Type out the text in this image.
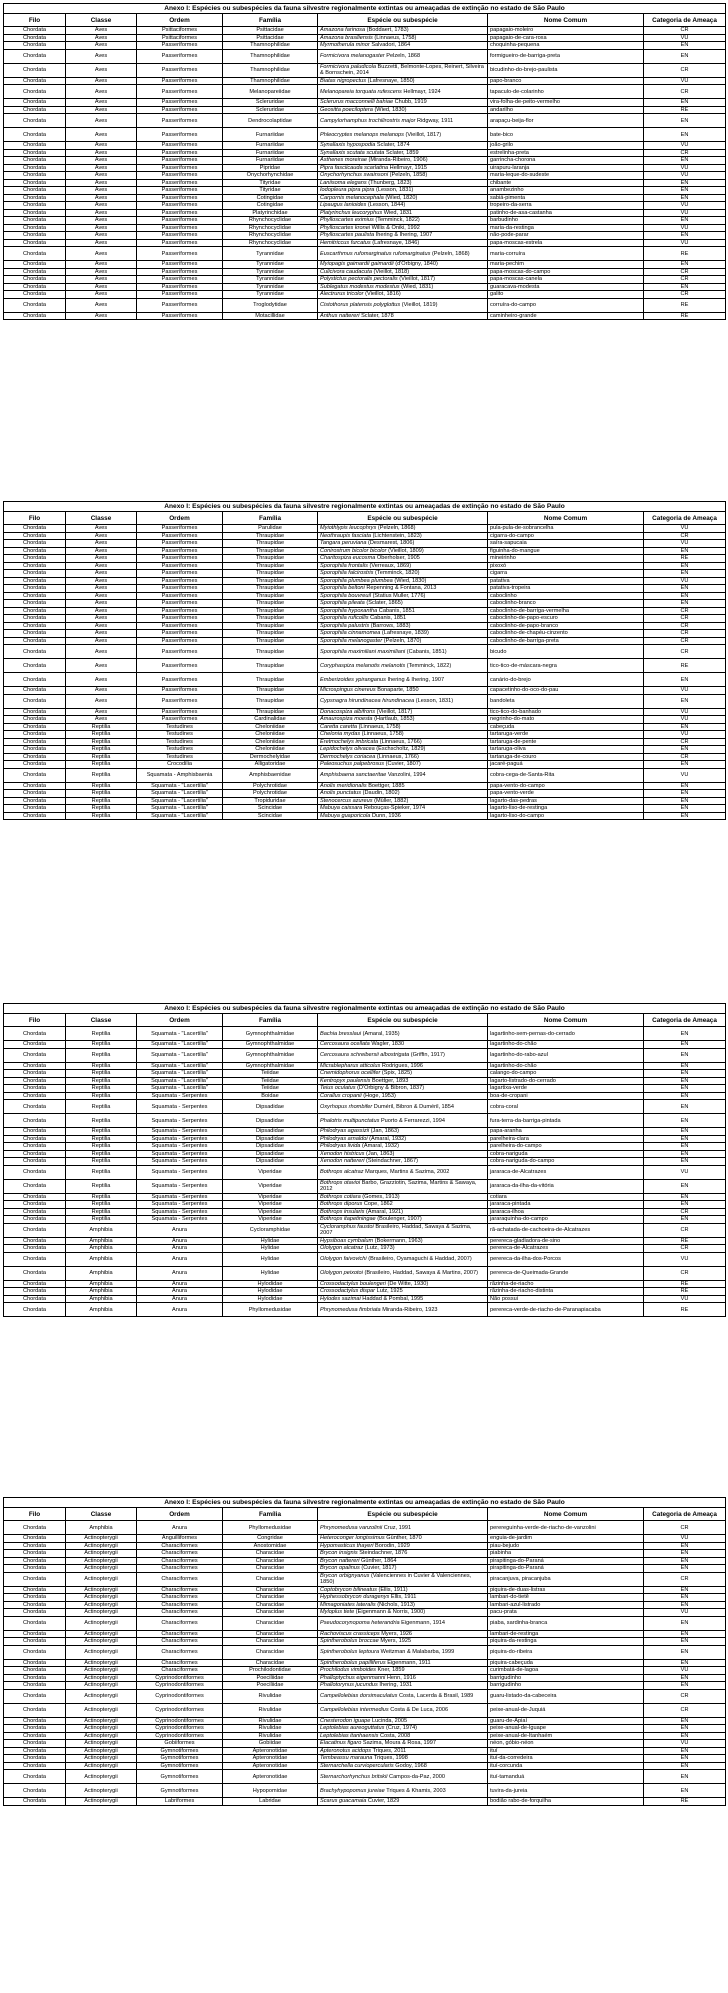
Anexo I: Espécies ou subespécies da fauna silvestre regionalmente extintas ou ameaçadas de extinção no estado de São Paulo						
Filo	Classe	Ordem	Família	Espécie ou subespécie	Nome Comum	Categoria de Ameaça
Chordata	Aves	Psittaciformes	Psittacidae	Amazona farinosa (Boddaert, 1783)	papagaio-moleiro	CR
Chordata	Aves	Psittaciformes	Psittacidae	Amazona brasiliensis (Linnaeus, 1758)	papagaio-de-cara-roxa	VU
Chordata	Aves	Passeriformes	Thamnophilidae	Myrmotherula minor Salvadori, 1864	choquinha-pequena	EN
Chordata	Aves	Passeriformes	Thamnophilidae	Formicivora melanogaster Pelzeln, 1868	formigueiro-de-barriga-preta	EN
Chordata	Aves	Passeriformes	Thamnophilidae	Formicivora paludicola Buzzetti, Belmonte-Lopes, Reinert, Silveira & Bornschein, 2014	bicudinho-do-brejo-paulista	CR
Chordata	Aves	Passeriformes	Thamnophilidae	Biatas nigropectus (Lafresnaye, 1850)	papo-branco	VU
Chordata	Aves	Passeriformes	Melanopareiidae	Melanopareia torquata rufescens Hellmayr, 1924	tapaculo-de-colarinho	CR
Chordata	Aves	Passeriformes	Scleruridae	Sclerurus macconnelli bahiae Chubb, 1919	vira-folha-de-peito-vermelho	EN
Chordata	Aves	Passeriformes	Scleruridae	Geositta poeciloptera (Wied, 1830)	andarilho	RE
Chordata	Aves	Passeriformes	Dendrocolaptidae	Campylorhamphus trochilirostris major Ridgway, 1911	arapaçu-beija-flor	EN
Chordata	Aves	Passeriformes	Furnariidae	Phleocryptes melanops melanops (Vieillot, 1817)	bate-bico	EN
Chordata	Aves	Passeriformes	Furnariidae	Synallaxis hypospodia Sclater, 1874	joão-grilo	VU
Chordata	Aves	Passeriformes	Furnariidae	Synallaxis scutata scutata Sclater, 1859	estrelinha-preta	CR
Chordata	Aves	Passeriformes	Furnariidae	Asthenes moreirae (Miranda-Ribeiro, 1906)	garrincha-chorona	EN
Chordata	Aves	Passeriformes	Pipridae	Pipra fasciicauda scarlatina Hellmayr, 1915	uirapuru-laranja	VU
Chordata	Aves	Passeriformes	Onychorhynchidae	Onychorhynchus swainsoni (Pelzeln, 1858)	maria-leque-do-sudeste	VU
Chordata	Aves	Passeriformes	Tityridae	Laniisoma elegans (Thunberg, 1823)	chibante	EN
Chordata	Aves	Passeriformes	Tityridae	Iodopleura pipra pipra (Lesson, 1831)	anambezinho	EN
Chordata	Aves	Passeriformes	Cotingidae	Carpornis melanocephala (Wied, 1820)	sabiá-pimenta	EN
Chordata	Aves	Passeriformes	Cotingidae	Lipaugus lanioides (Lesson, 1844)	tropeiro-da-serra	VU
Chordata	Aves	Passeriformes	Platyrinchidae	Platyrinchus leucoryphus Wied, 1831	patinho-de-asa-castanha	VU
Chordata	Aves	Passeriformes	Rhynchocyclidae	Phylloscartes eximius (Temminck, 1822)	barbudinho	EN
Chordata	Aves	Passeriformes	Rhynchocyclidae	Phylloscartes kronei Willis & Oniki, 1992	maria-da-restinga	VU
Chordata	Aves	Passeriformes	Rhynchocyclidae	Phylloscartes paulista Ihering & Ihering, 1907	não-pode-parar	EN
Chordata	Aves	Passeriformes	Rhynchocyclidae	Hemitriccus furcatus (Lafresnaye, 1846)	papa-moscas-estrela	VU
Chordata	Aves	Passeriformes	Tyrannidae	Euscarthmus rufomarginatus rufomarginatus (Pelzeln, 1868)	maria-corruíra	RE
Chordata	Aves	Passeriformes	Tyrannidae	Myiopagis gaimardii gaimardii (d'Orbigny, 1840)	maria-pechim	EN
Chordata	Aves	Passeriformes	Tyrannidae	Culicivora caudacuta (Vieillot, 1818)	papa-moscas-do-campo	CR
Chordata	Aves	Passeriformes	Tyrannidae	Polystictus pectoralis pectoralis (Vieillot, 1817)	papa-moscas-canela	CR
Chordata	Aves	Passeriformes	Tyrannidae	Sublegatus modestus modestus (Wied, 1831)	guaracava-modesta	EN
Chordata	Aves	Passeriformes	Tyrannidae	Alectrurus tricolor (Vieillot, 1816)	galito	CR
Chordata	Aves	Passeriformes	Troglodytidae	Cistothorus platensis polyglottus (Vieillot, 1819)	corruíra-do-campo	RE
Chordata	Aves	Passeriformes	Motacillidae	Anthus nattereri Sclater, 1878	caminheiro-grande	RE
Anexo I: Espécies ou subespécies da fauna silvestre regionalmente extintas ou ameaçadas de extinção no estado de São Paulo						
Filo	Classe	Ordem	Família	Espécie ou subespécie	Nome Comum	Categoria de Ameaça
Chordata	Aves	Passeriformes	Parulidae	Myiothlypis leucophrys (Pelzeln, 1868)	pula-pula-de-sobrancelha	VU
Chordata	Aves	Passeriformes	Thraupidae	Neothraupis fasciata (Lichtenstein, 1823)	cigarra-do-campo	CR
Chordata	Aves	Passeriformes	Thraupidae	Tangara peruviana (Desmarest, 1806)	saíra-sapucaia	VU
Chordata	Aves	Passeriformes	Thraupidae	Conirostrum bicolor bicolor (Vieillot, 1809)	figuinha-do-mangue	EN
Chordata	Aves	Passeriformes	Thraupidae	Charitospiza eucosma Oberholser, 1905	mineirinho	RE
Chordata	Aves	Passeriformes	Thraupidae	Sporophila frontalis (Verreaux, 1869)	pixoxó	EN
Chordata	Aves	Passeriformes	Thraupidae	Sporophila falcirostris (Temminck, 1820)	cigarra	EN
Chordata	Aves	Passeriformes	Thraupidae	Sporophila plumbea plumbea (Wied, 1830)	patativa	VU
Chordata	Aves	Passeriformes	Thraupidae	Sporophila beltoni Repenning & Fontana, 2013	patativa-tropeira	EN
Chordata	Aves	Passeriformes	Thraupidae	Sporophila bouvreuil (Statius Muller, 1776)	caboclinho	EN
Chordata	Aves	Passeriformes	Thraupidae	Sporophila pileata (Sclater, 1865)	caboclinho-branco	EN
Chordata	Aves	Passeriformes	Thraupidae	Sporophila hypoxantha Cabanis, 1851	caboclinho-de-barriga-vermelha	CR
Chordata	Aves	Passeriformes	Thraupidae	Sporophila ruficollis Cabanis, 1851	caboclinho-de-papo-escuro	CR
Chordata	Aves	Passeriformes	Thraupidae	Sporophila palustris (Barrows, 1883)	caboclinho-de-papo-branco	CR
Chordata	Aves	Passeriformes	Thraupidae	Sporophila cinnamomea (Lafresnaye, 1839)	caboclinho-de-chapéu-cinzento	CR
Chordata	Aves	Passeriformes	Thraupidae	Sporophila melanogaster (Pelzeln, 1870)	caboclinho-de-barriga-preta	CR
Chordata	Aves	Passeriformes	Thraupidae	Sporophila maximiliani maximiliani (Cabanis, 1851)	bicudo	CR
Chordata	Aves	Passeriformes	Thraupidae	Coryphaspiza melanotis melanotis (Temminck, 1822)	tico-tico-de-máscara-negra	RE
Chordata	Aves	Passeriformes	Thraupidae	Emberizoides ypiranganus Ihering & Ihering, 1907	canário-do-brejo	EN
Chordata	Aves	Passeriformes	Thraupidae	Microspingus cinereus Bonaparte, 1850	capacetinho-do-oco-do-pau	VU
Chordata	Aves	Passeriformes	Thraupidae	Cypsnagra hirundinacea hirundinacea (Lesson, 1831)	bandoleta	EN
Chordata	Aves	Passeriformes	Thraupidae	Donacospiza albifrons (Vieillot, 1817)	tico-tico-do-banhado	VU
Chordata	Aves	Passeriformes	Cardinalidae	Amaurospiza moesta (Hartlaub, 1853)	negrinho-do-mato	VU
Chordata	Reptilia	Testudines	Cheloniidae	Caretta caretta (Linnaeus, 1758)	cabeçuda	EN
Chordata	Reptilia	Testudines	Cheloniidae	Chelonia mydas (Linnaeus, 1758)	tartaruga-verde	VU
Chordata	Reptilia	Testudines	Cheloniidae	Eretmochelys imbricata (Linnaeus, 1766)	tartaruga-de-pente	CR
Chordata	Reptilia	Testudines	Cheloniidae	Lepidochelys olivacea (Eschscholtz, 1829)	tartaruga-oliva	EN
Chordata	Reptilia	Testudines	Dermochelyidae	Dermochelys coriacea (Linnaeus, 1766)	tartaruga-de-couro	CR
Chordata	Reptilia	Crocodilia	Alligatoridae	Paleosuchus palpebrosus (Cuvier, 1807)	jacaré-paguá	EN
Chordata	Reptilia	Squamata - Amphisbaenia	Amphisbaenidae	Amphisbaena sanctaeritae Vanzolini, 1994	cobra-cega-de-Santa-Rita	VU
Chordata	Reptilia	Squamata - "Lacertilia"	Polychrotidae	Anolis meridionalis Boettger, 1885	papa-vento-do-campo	EN
Chordata	Reptilia	Squamata - "Lacertilia"	Polychrotidae	Anolis punctatus (Daudin, 1802)	papa-vento-verde	EN
Chordata	Reptilia	Squamata - "Lacertilia"	Tropiduridae	Stenocercus azureus (Müller, 1882)	lagarto-das-pedras	EN
Chordata	Reptilia	Squamata - "Lacertilia"	Scincidae	Mabuya caissara Rebouças-Spieker, 1974	lagarto-liso-de-restinga	EN
Chordata	Reptilia	Squamata - "Lacertilia"	Scincidae	Mabuya guaporicola Dunn, 1936	lagarto-liso-do-campo	EN
Anexo I: Espécies ou subespécies da fauna silvestre regionalmente extintas ou ameaçadas de extinção no estado de São Paulo						
Filo	Classe	Ordem	Família	Espécie ou subespécie	Nome Comum	Categoria de Ameaça
Chordata	Reptilia	Squamata - "Lacertilia"	Gymnophthalmidae	Bachia bresslaui (Amaral, 1935)	lagartinho-sem-pernas-do-cerrado	EN
Chordata	Reptilia	Squamata - "Lacertilia"	Gymnophthalmidae	Cercosaura ocellata Wagler, 1830	lagartinho-do-chão	EN
Chordata	Reptilia	Squamata - "Lacertilia"	Gymnophthalmidae	Cercosaura schreibersii albostrigata (Griffin, 1917)	lagartinho-do-rabo-azul	EN
Chordata	Reptilia	Squamata - "Lacertilia"	Gymnophthalmidae	Micrablepharus atticolus Rodrigues, 1996	lagartinho-do-chão	EN
Chordata	Reptilia	Squamata - "Lacertilia"	Teiidae	Cnemidophorus ocellifer (Spix, 1825)	calango-do-campo	EN
Chordata	Reptilia	Squamata - "Lacertilia"	Teiidae	Kentropyx paulensis Boettger, 1893	lagarto-listrado-do-cerrado	EN
Chordata	Reptilia	Squamata - "Lacertilia"	Teiidae	Teius oculatus (D'Orbigny & Bibron, 1837)	lagartixa-verde	EN
Chordata	Reptilia	Squamata - Serpentes	Boidae	Corallus cropanii (Hoge, 1953)	boa-de-cropani	EN
Chordata	Reptilia	Squamata - Serpentes	Dipsadidae	Oxyrhopus rhombifer Duméril, Bibron & Duméril, 1854	cobra-coral	EN
Chordata	Reptilia	Squamata - Serpentes	Dipsadidae	Phalotris multipunctatus Puorto & Ferrarezzi, 1994	fura-terra-da-barriga-pintada	EN
Chordata	Reptilia	Squamata - Serpentes	Dipsadidae	Philodryas agassizii (Jan, 1863)	papa-aranha	EN
Chordata	Reptilia	Squamata - Serpentes	Dipsadidae	Philodryas arnaldoi (Amaral, 1932)	parelheira-clara	EN
Chordata	Reptilia	Squamata - Serpentes	Dipsadidae	Philodryas livida (Amaral, 1932)	parelheira-do-campo	EN
Chordata	Reptilia	Squamata - Serpentes	Dipsadidae	Xenodon histricus (Jan, 1863)	cobra-nariguda	EN
Chordata	Reptilia	Squamata - Serpentes	Dipsadidae	Xenodon nattereri (Steindachner, 1867)	cobra-nariguda-do-campo	EN
Chordata	Reptilia	Squamata - Serpentes	Viperidae	Bothrops alcatraz Marques, Martins & Sazima, 2002	jararaca-de-Alcatrazes	VU
Chordata	Reptilia	Squamata - Serpentes	Viperidae	Bothrops otavioi Barbo, Grazziotin, Sazima, Martins & Sawaya, 2012	jararaca-da-ilha-da-vitória	EN
Chordata	Reptilia	Squamata - Serpentes	Viperidae	Bothrops cotiara (Gomes, 1913)	cotiara	EN
Chordata	Reptilia	Squamata - Serpentes	Viperidae	Bothrops diporus Cope, 1862	jararaca-pintada	EN
Chordata	Reptilia	Squamata - Serpentes	Viperidae	Bothrops insularis (Amaral, 1921)	jararaca-ilhoa	CR
Chordata	Reptilia	Squamata - Serpentes	Viperidae	Bothrops itapetiningae (Boulenger, 1907)	jararaquinha-do-campo	EN
Chordata	Amphibia	Anura	Cycloramphidae	Cycloramphus faustoi Brasileiro, Haddad, Sawaya & Sazima, 2007	rã-achatada-de-cachoeira-de-Alcatrazes	CR
Chordata	Amphibia	Anura	Hylidae	Hypsiboas cymbalum (Bokermann, 1963)	perereca-gladiadora-de-sino	RE
Chordata	Amphibia	Anura	Hylidae	Ololygon alcatraz (Lutz, 1973)	perereca-de-Alcatrazes	CR
Chordata	Amphibia	Anura	Hylidae	Ololygon faivovichi (Brasileiro, Oyamaguchi & Haddad, 2007)	perereca-da-ilha-dos-Porcos	VU
Chordata	Amphibia	Anura	Hylidae	Ololygon peixotoi (Brasileiro, Haddad, Sawaya & Martins, 2007)	perereca-de-Queimada-Grande	CR
Chordata	Amphibia	Anura	Hylodidae	Crossodactylus boulengeri (De Witte, 1930)	rãzinha-de-riacho	RE
Chordata	Amphibia	Anura	Hylodidae	Crossodactylus dispar Lutz, 1925	rãzinha-de-riacho-distinta	RE
Chordata	Amphibia	Anura	Hylodidae	Hylodes sazimai Haddad & Pombal, 1995	Não possui	VU
Chordata	Amphibia	Anura	Phyllomedusidae	Phrynomedusa fimbriata Miranda-Ribeiro, 1923	perereca-verde-de-riacho-de-Paranapiacaba	RE
Anexo I: Espécies ou subespécies da fauna silvestre regionalmente extintas ou ameaçadas de extinção no estado de São Paulo						
Filo	Classe	Ordem	Família	Espécie ou subespécie	Nome Comum	Categoria de Ameaça
Chordata	Amphibia	Anura	Phyllomedusidae	Phrynomedusa vanzolinii Cruz, 1991	perereguinha-verde-de-riacho-de-vanzolini	CR
Chordata	Actinopterygii	Anguilliformes	Congridae	Heteroconger longissimus Günther, 1870	enguia-de-jardim	VU
Chordata	Actinopterygii	Characiformes	Anostomidae	Hypomasticus thayeri Borodin, 1929	piau-bejudo	EN
Chordata	Actinopterygii	Characiformes	Characidae	Brycon insignis Steindachner, 1876	piabinha	EN
Chordata	Actinopterygii	Characiformes	Characidae	Brycon nattereri Günther, 1864	pirapitinga-do-Paraná	EN
Chordata	Actinopterygii	Characiformes	Characidae	Brycon opalinus (Cuvier, 1817)	pirapitinga-do-Paraná	EN
Chordata	Actinopterygii	Characiformes	Characidae	Brycon orbignyanus (Valenciennes in Cuvier & Valenciennes, 1850)	piracanjuva, piracanjuba	CR
Chordata	Actinopterygii	Characiformes	Characidae	Coptobrycon bilineatus (Ellis, 1911)	piquira-de-duas-listras	EN
Chordata	Actinopterygii	Characiformes	Characidae	Hyphessobrycon duragenys Ellis, 1911	lambari-do-tietê	EN
Chordata	Actinopterygii	Characiformes	Characidae	Mimagoniates lateralis (Nichols, 1913)	lambari-azul-listrado	EN
Chordata	Actinopterygii	Characiformes	Characidae	Myloplus tiete (Eigenmann & Norris, 1900)	pacu-prata	VU
Chordata	Actinopterygii	Characiformes	Characidae	Pseudocorynopoma heterandria Eigenmann, 1914	piaba, sardinha-branca	EN
Chordata	Actinopterygii	Characiformes	Characidae	Rachoviscus crassiceps Myers, 1926	lambari-de-restinga	EN
Chordata	Actinopterygii	Characiformes	Characidae	Spintherobolus broccae Myers, 1925	piquira-da-restinga	EN
Chordata	Actinopterygii	Characiformes	Characidae	Spintherobolus leptoura Weitzman & Malabarba, 1999	piquira-do-ribeira	EN
Chordata	Actinopterygii	Characiformes	Characidae	Spintherobolus papilliferus Eigenmann, 1911	piquira-cabeçuda	EN
Chordata	Actinopterygii	Characiformes	Prochilodontidae	Prochilodus vimboides Kner, 1859	curimbatá-de-lagoa	VU
Chordata	Actinopterygii	Cyprinodontiformes	Poeciliidae	Phalloptychus eigenmanni Henn, 1916	barrigudinho	EN
Chordata	Actinopterygii	Cyprinodontiformes	Poeciliidae	Phallotorynus jucundus Ihering, 1931	barrigudinho	EN
Chordata	Actinopterygii	Cyprinodontiformes	Rivulidae	Campellolebias dorsimaculatus Costa, Lacerda & Brasil, 1989	guaru-listado-da-cabeceira	CR
Chordata	Actinopterygii	Cyprinodontiformes	Rivulidae	Campellolebias intermedius Costa & De Luca, 2006	peixe-anual-de-Juquiá	CR
Chordata	Actinopterygii	Cyprinodontiformes	Rivulidae	Cnesterodon iguape Lucinda, 2005	guaru-de-Apiaí	EN
Chordata	Actinopterygii	Cyprinodontiformes	Rivulidae	Leptolebias aureoguttatus (Cruz, 1974)	peixe-anual-de-Iguape	EN
Chordata	Actinopterygii	Cyprinodontiformes	Rivulidae	Leptolebias itanhaensis Costa, 2008	peixe-anual-de-Itanhaém	EN
Chordata	Actinopterygii	Gobiiformes	Gobiidae	Elacatinus figaro Sazima, Moura & Rosa, 1997	néon, góbio-néon	VU
Chordata	Actinopterygii	Gymnotiformes	Apteronotidae	Apteronotus acidops Triques, 2011	ituí	EN
Chordata	Actinopterygii	Gymnotiformes	Apteronotidae	Tembeassu marauna Triques, 1998	ituí-da-corredeira	EN
Chordata	Actinopterygii	Gymnotiformes	Apteronotidae	Sternarchella curviopercularis Godoy, 1968	ituí-corcunda	EN
Chordata	Actinopterygii	Gymnotiformes	Apteronotidae	Sternarchorhynchus britskii Campos-da-Paz, 2000	ituí-tamanduá	EN
Chordata	Actinopterygii	Gymnotiformes	Hypopomidae	Brachyhypopomus jureiae Triques & Khamis, 2003	tuvira-da-jureia	EN
Chordata	Actinopterygii	Labriformes	Labridae	Scarus guacamaia Cuvier, 1829	bodião rabo-de-forquilha	RE
